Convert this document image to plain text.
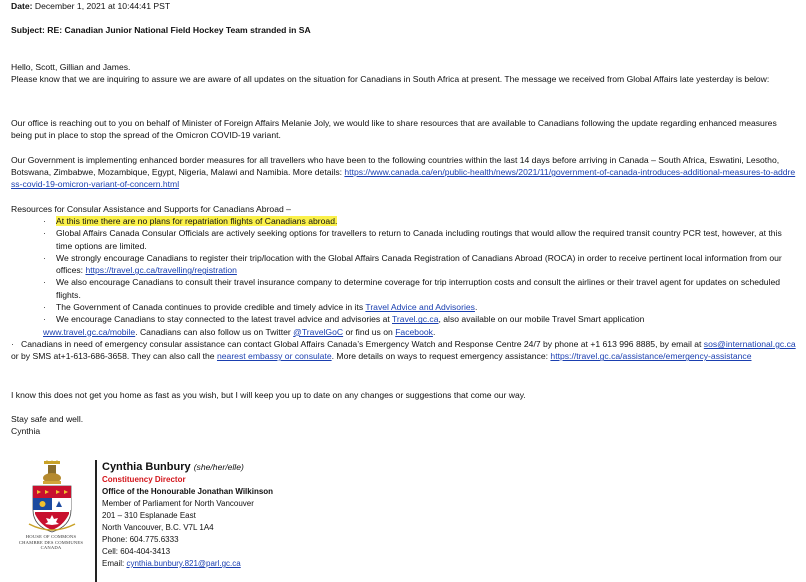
Date: December 1, 2021 at 10:44:41 PST
Subject: RE: Canadian Junior National Field Hockey Team stranded in SA

Hello, Scott, Gillian and James.

Please know that we are inquiring to assure we are aware of all updates on the situation for Canadians in South Africa at present. The message we received from Global Affairs late yesterday is below:

Our office is reaching out to you on behalf of Minister of Foreign Affairs Melanie Joly, we would like to share resources that are available to Canadians following the update regarding enhanced measures being put in place to stop the spread of the Omicron COVID-19 variant.

Our Government is implementing enhanced border measures for all travellers who have been to the following countries within the last 14 days before arriving in Canada – South Africa, Eswatini, Lesotho, Botswana, Zimbabwe, Mozambique, Egypt, Nigeria, Malawi and Namibia. More details: https://www.canada.ca/en/public-health/news/2021/11/government-of-canada-introduces-additional-measures-to-address-covid-19-omicron-variant-of-concern.html

Resources for Consular Assistance and Supports for Canadians Abroad –

·	At this time there are no plans for repatriation flights of Canadians abroad.
·	Global Affairs Canada Consular Officials are actively seeking options for travellers to return to Canada including routings that would allow the required transit country PCR test, however, at this time options are limited.
·	We strongly encourage Canadians to register their trip/location with the Global Affairs Canada Registration of Canadians Abroad (ROCA) in order to receive pertinent local information from our offices: https://travel.gc.ca/travelling/registration
·	We also encourage Canadians to consult their travel insurance company to determine coverage for trip interruption costs and consult the airlines or their travel agent for updates on scheduled flights.
·	The Government of Canada continues to provide credible and timely advice in its Travel Advice and Advisories.
·	We encourage Canadians to stay connected to the latest travel advice and advisories at Travel.gc.ca, also available on our mobile Travel Smart application
www.travel.gc.ca/mobile. Canadians can also follow us on Twitter @TravelGoC or find us on Facebook.
· Canadians in need of emergency consular assistance can contact Global Affairs Canada’s Emergency Watch and Response Centre 24/7 by phone at +1 613 996 8885, by email at sos@international.gc.ca or by SMS at+1-613-686-3658. They can also call the nearest embassy or consulate. More details on ways to request emergency assistance: https://travel.gc.ca/assistance/emergency-assistance

I know this does not get you home as fast as you wish, but I will keep you up to date on any changes or suggestions that come our way.

Stay safe and well.

Cynthia

HOUSE OF COMMONS
CHAMBRE DES COMMUNES
CANADA
Cynthia Bunbury (she/her/elle)
Constituency Director
Office of the Honourable Jonathan Wilkinson
Member of Parliament for North Vancouver
201 – 310 Esplanade East
North Vancouver, B.C. V7L 1A4
Phone: 604.775.6333
Cell: 604-404-3413
Email: cynthia.bunbury.821@parl.gc.ca
